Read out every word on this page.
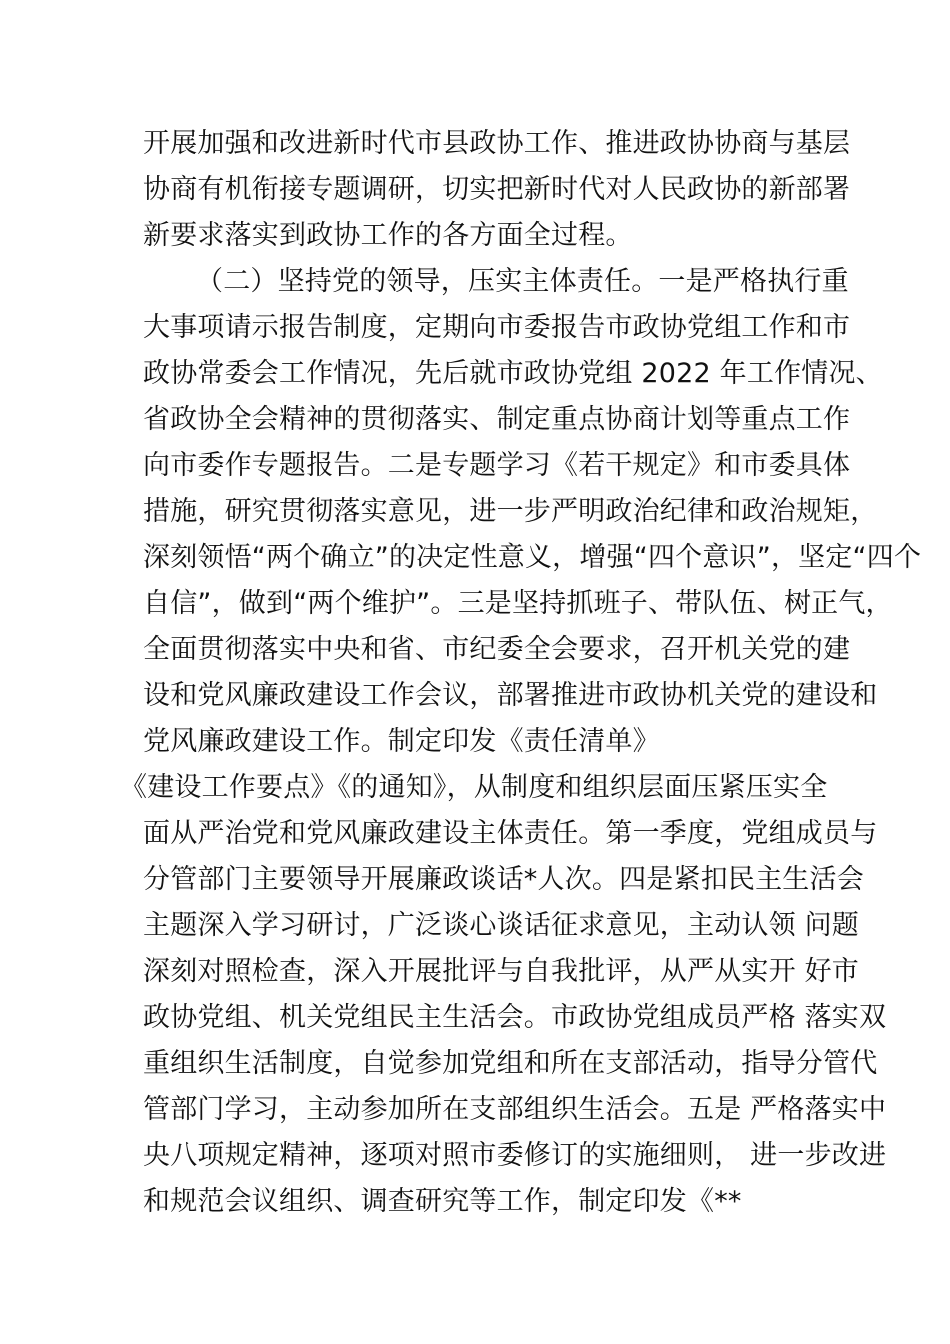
开展加强和改进新时代市县政协工作、推进政协协商与基层

协商有机衔接专题调研，切实把新时代对人民政协的新部署

新要求落实到政协工作的各方面全过程。

（二）坚持党的领导，压实主体责任。一是严格执行重

大事项请示报告制度，定期向市委报告市政协党组工作和市

政协常委会工作情况，先后就市政协党组 2022 年工作情况、

省政协全会精神的贯彻落实、制定重点协商计划等重点工作

向市委作专题报告。二是专题学习《若干规定》和市委具体

措施，研究贯彻落实意见，进一步严明政治纪律和政治规矩，

深刻领悟“两个确立”的决定性意义，增强“四个意识”，坚定“四个

自信”，做到“两个维护”。三是坚持抓班子、带队伍、树正气，

全面贯彻落实中央和省、市纪委全会要求，召开机关党的建

设和党风廉政建设工作会议，部署推进市政协机关党的建设和

党风廉政建设工作。制定印发《责任清单》

《建设工作要点》《的通知》，从制度和组织层面压紧压实全

面从严治党和党风廉政建设主体责任。第一季度，党组成员与

分管部门主要领导开展廉政谈话*人次。四是紧扣民主生活会

主题深入学习研讨，广泛谈心谈话征求意见，主动认领 问题

深刻对照检查，深入开展批评与自我批评，从严从实开 好市

政协党组、机关党组民主生活会。市政协党组成员严格 落实双

重组织生活制度，自觉参加党组和所在支部活动，指导分管代

管部门学习，主动参加所在支部组织生活会。五是 严格落实中

央八项规定精神，逐项对照市委修订的实施细则， 进一步改进

和规范会议组织、调查研究等工作，制定印发《**
